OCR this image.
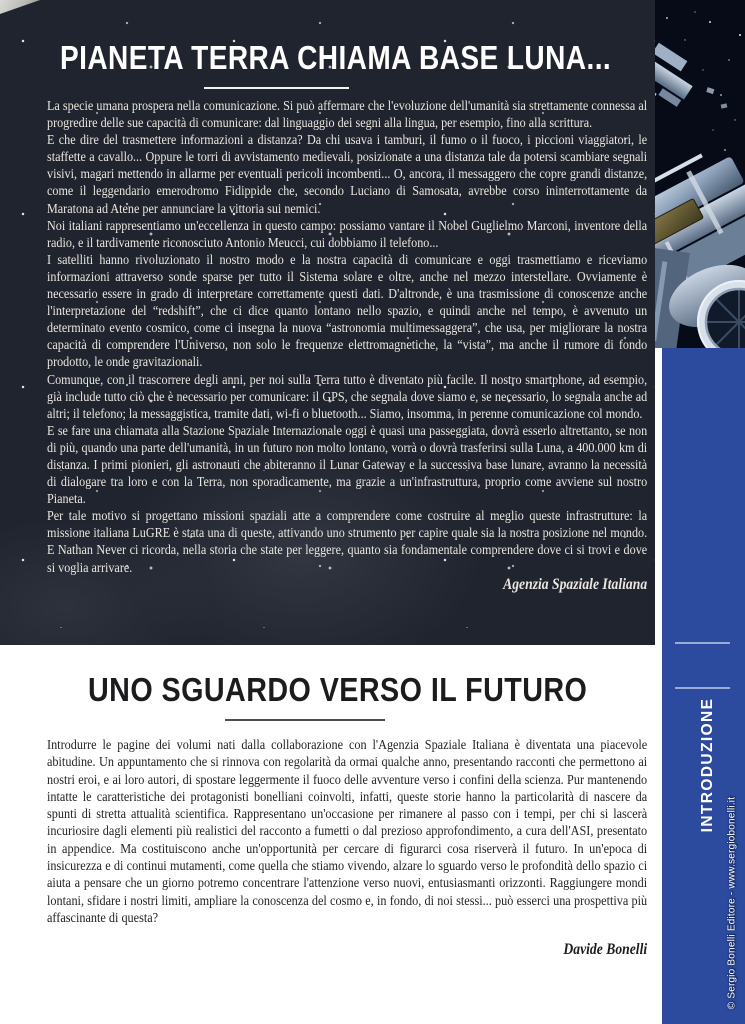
PIANETA TERRA CHIAMA BASE LUNA...

La specie umana prospera nella comunicazione. Si può affermare che l'evoluzione dell'umanità sia strettamente connessa al progredire delle sue capacità di comunicare: dal linguaggio dei segni alla lingua, per esempio, fino alla scrittura.

E che dire del trasmettere informazioni a distanza? Da chi usava i tamburi, il fumo o il fuoco, i piccioni viaggiatori, le staffette a cavallo... Oppure le torri di avvistamento medievali, posizionate a una distanza tale da potersi scambiare segnali visivi, magari mettendo in allarme per eventuali pericoli incombenti... O, ancora, il messaggero che copre grandi distanze, come il leggendario emerodromo Fidippide che, secondo Luciano di Samosata, avrebbe corso ininterrottamente da Maratona ad Atene per annunciare la vittoria sui nemici.

Noi italiani rappresentiamo un'eccellenza in questo campo: possiamo vantare il Nobel Guglielmo Marconi, inventore della radio, e il tardivamente riconosciuto Antonio Meucci, cui dobbiamo il telefono...

I satelliti hanno rivoluzionato il nostro modo e la nostra capacità di comunicare e oggi trasmettiamo e riceviamo informazioni attraverso sonde sparse per tutto il Sistema solare e oltre, anche nel mezzo interstellare. Ovviamente è necessario essere in grado di interpretare correttamente questi dati. D'altronde, è una trasmissione di conoscenze anche l'interpretazione del “redshift”, che ci dice quanto lontano nello spazio, e quindi anche nel tempo, è avvenuto un determinato evento cosmico, come ci insegna la nuova “astronomia multimessaggera”, che usa, per migliorare la nostra capacità di comprendere l'Universo, non solo le frequenze elettromagnetiche, la “vista”, ma anche il rumore di fondo prodotto, le onde gravitazionali.

Comunque, con il trascorrere degli anni, per noi sulla Terra tutto è diventato più facile. Il nostro smartphone, ad esempio, già include tutto ciò che è necessario per comunicare: il GPS, che segnala dove siamo e, se necessario, lo segnala anche ad altri; il telefono; la messaggistica, tramite dati, wi-fi o bluetooth... Siamo, insomma, in perenne comunicazione col mondo.

E se fare una chiamata alla Stazione Spaziale Internazionale oggi è quasi una passeggiata, dovrà esserlo altrettanto, se non di più, quando una parte dell'umanità, in un futuro non molto lontano, vorrà o dovrà trasferirsi sulla Luna, a 400.000 km di distanza. I primi pionieri, gli astronauti che abiteranno il Lunar Gateway e la successiva base lunare, avranno la necessità di dialogare tra loro e con la Terra, non sporadicamente, ma grazie a un'infrastruttura, proprio come avviene sul nostro Pianeta.

Per tale motivo si progettano missioni spaziali atte a comprendere come costruire al meglio queste infrastrutture: la missione italiana LuGRE è stata una di queste, attivando uno strumento per capire quale sia la nostra posizione nel mondo. E Nathan Never ci ricorda, nella storia che state per leggere, quanto sia fondamentale comprendere dove ci si trovi e dove si voglia arrivare.

Agenzia Spaziale Italiana

INTRODUZIONE
© Sergio Bonelli Editore - www.sergiobonelli.it
UNO SGUARDO VERSO IL FUTURO

Introdurre le pagine dei volumi nati dalla collaborazione con l'Agenzia Spaziale Italiana è diventata una piacevole abitudine. Un appuntamento che si rinnova con regolarità da ormai qualche anno, presentando racconti che permettono ai nostri eroi, e ai loro autori, di spostare leggermente il fuoco delle avventure verso i confini della scienza. Pur mantenendo intatte le caratteristiche dei protagonisti bonelliani coinvolti, infatti, queste storie hanno la particolarità di nascere da spunti di stretta attualità scientifica. Rappresentano un'occasione per rimanere al passo con i tempi, per chi si lascerà incuriosire dagli elementi più realistici del racconto a fumetti o dal prezioso approfondimento, a cura dell'ASI, presentato in appendice. Ma costituiscono anche un'opportunità per cercare di figurarci cosa riserverà il futuro. In un'epoca di insicurezza e di continui mutamenti, come quella che stiamo vivendo, alzare lo sguardo verso le profondità dello spazio ci aiuta a pensare che un giorno potremo concentrare l'attenzione verso nuovi, entusiasmanti orizzonti. Raggiungere mondi lontani, sfidare i nostri limiti, ampliare la conoscenza del cosmo e, in fondo, di noi stessi... può esserci una prospettiva più affascinante di questa?

Davide Bonelli
